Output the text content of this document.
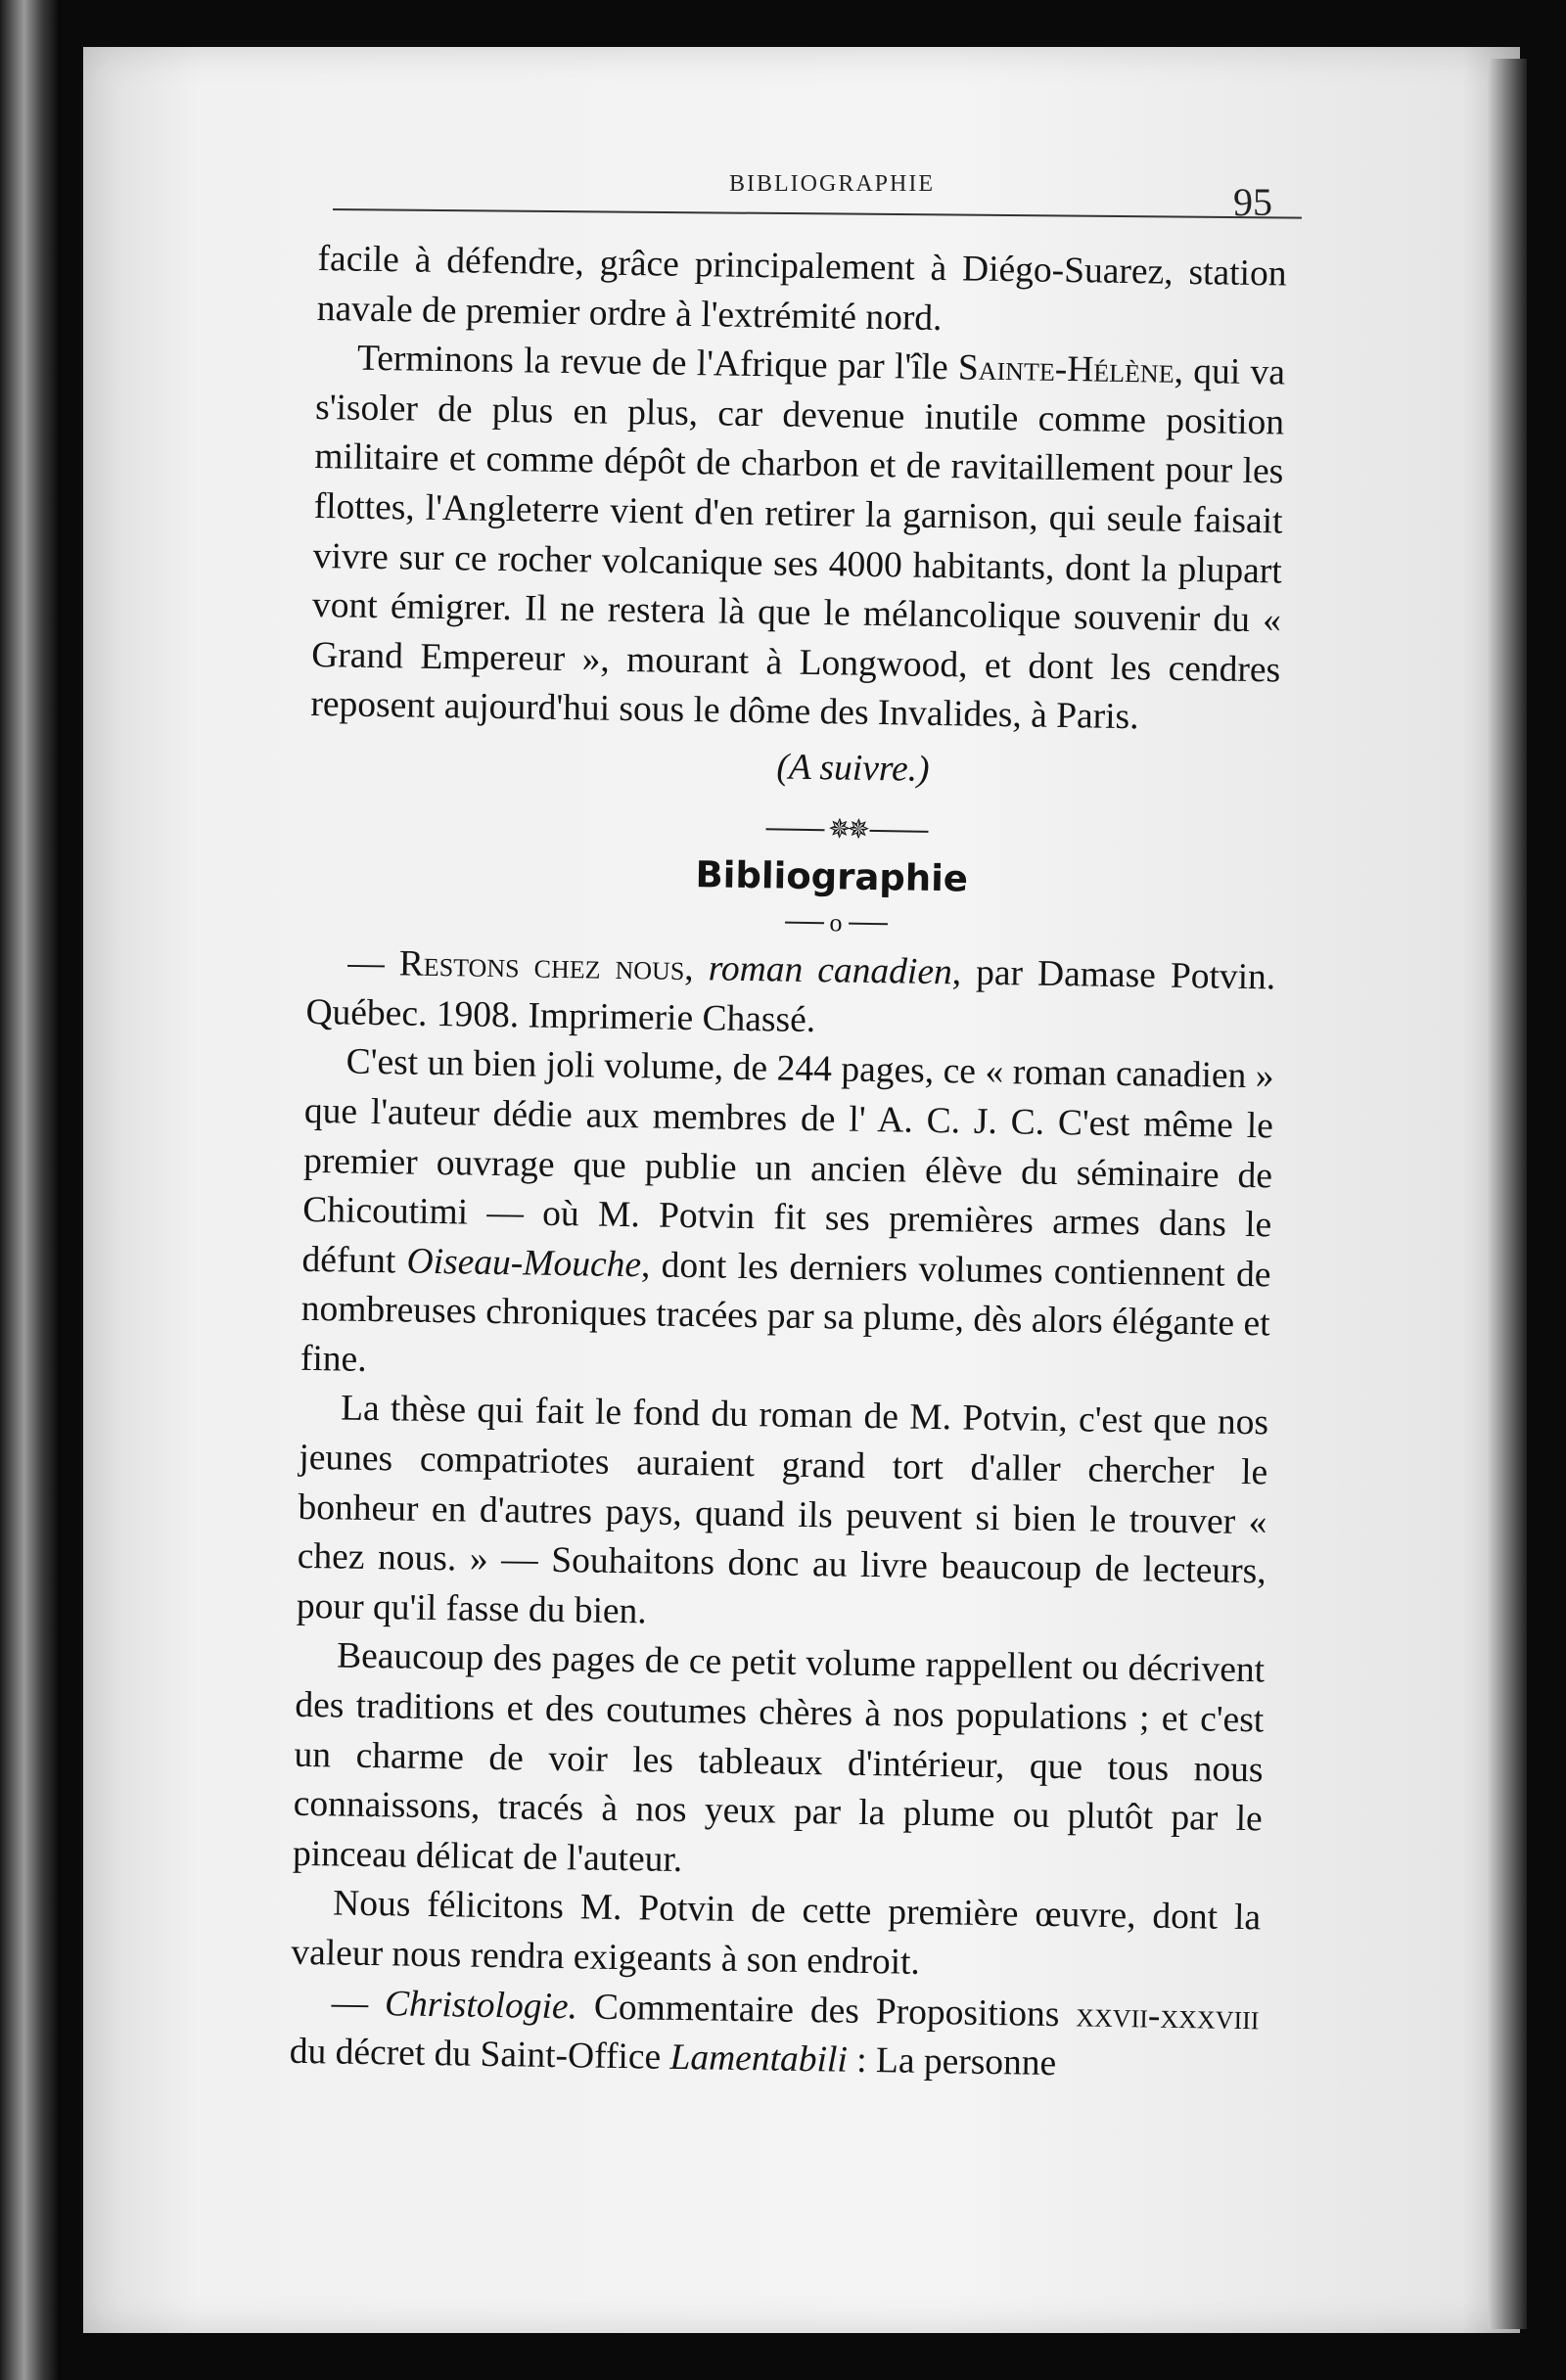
BIBLIOGRAPHIE	95

facile à défendre, grâce principalement à Diégo-Suarez, station navale de premier ordre à l'extrémité nord.

Terminons la revue de l'Afrique par l'île Sainte-Hélène, qui va s'isoler de plus en plus, car devenue inutile comme position militaire et comme dépôt de charbon et de ravitaillement pour les flottes, l'Angleterre vient d'en retirer la garnison, qui seule faisait vivre sur ce rocher volcanique ses 4000 habitants, dont la plupart vont émigrer. Il ne restera là que le mélancolique souvenir du « Grand Empereur », mourant à Longwood, et dont les cendres reposent aujourd'hui sous le dôme des Invalides, à Paris.

(A suivre.)

✵✵

Bibliographie

o

— Restons chez nous, roman canadien, par Damase Potvin. Québec. 1908. Imprimerie Chassé.

C'est un bien joli volume, de 244 pages, ce « roman canadien » que l'auteur dédie aux membres de l' A. C. J. C. C'est même le premier ouvrage que publie un ancien élève du séminaire de Chicoutimi — où M. Potvin fit ses premières armes dans le défunt Oiseau-Mouche, dont les derniers volumes contiennent de nombreuses chroniques tracées par sa plume, dès alors élégante et fine.

La thèse qui fait le fond du roman de M. Potvin, c'est que nos jeunes compatriotes auraient grand tort d'aller chercher le bonheur en d'autres pays, quand ils peuvent si bien le trouver « chez nous. » — Souhaitons donc au livre beaucoup de lecteurs, pour qu'il fasse du bien.

Beaucoup des pages de ce petit volume rappellent ou décrivent des traditions et des coutumes chères à nos populations ; et c'est un charme de voir les tableaux d'intérieur, que tous nous connaissons, tracés à nos yeux par la plume ou plutôt par le pinceau délicat de l'auteur.

Nous félicitons M. Potvin de cette première œuvre, dont la valeur nous rendra exigeants à son endroit.

— Christologie. Commentaire des Propositions xxvii-xxxviii du décret du Saint-Office Lamentabili : La personne
